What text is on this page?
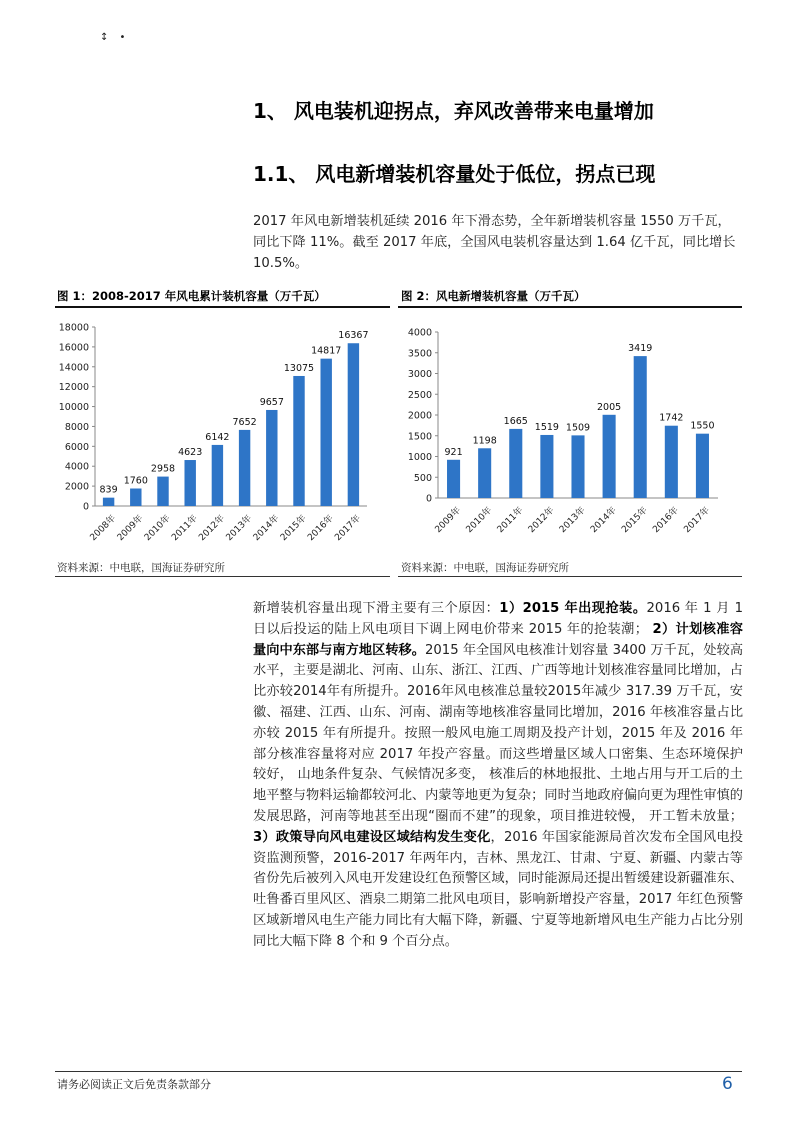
↕ •
1、 风电装机迎拐点，弃风改善带来电量增加
1.1、 风电新增装机容量处于低位，拐点已现
2017 年风电新增装机延续 2016 年下滑态势，全年新增装机容量 1550 万千瓦，同比下降 11%。截至 2017 年底，全国风电装机容量达到 1.64 亿千瓦，同比增长 10.5%。
图 1：2008-2017 年风电累计装机容量（万千瓦）
0
2000
4000
6000
8000
10000
12000
14000
16000
18000
839
2008年
1760
2009年
2958
2010年
4623
2011年
6142
2012年
7652
2013年
9657
2014年
13075
2015年
14817
2016年
16367
2017年
资料来源：中电联，国海证券研究所
图 2：风电新增装机容量（万千瓦）
0
500
1000
1500
2000
2500
3000
3500
4000
921
2009年
1198
2010年
1665
2011年
1519
2012年
1509
2013年
2005
2014年
3419
2015年
1742
2016年
1550
2017年
资料来源：中电联，国海证券研究所
新增装机容量出现下滑主要有三个原因：1）2015 年出现抢装。2016 年 1 月 1 日以后投运的陆上风电项目下调上网电价带来 2015 年的抢装潮； 2）计划核准容量向中东部与南方地区转移。2015 年全国风电核准计划容量 3400 万千瓦，处较高水平，主要是湖北、河南、山东、浙江、江西、广西等地计划核准容量同比增加，占比亦较2014年有所提升。2016年风电核准总量较2015年减少 317.39 万千瓦，安徽、福建、江西、山东、河南、湖南等地核准容量同比增加，2016 年核准容量占比亦较 2015 年有所提升。按照一般风电施工周期及投产计划，2015 年及 2016 年部分核准容量将对应 2017 年投产容量。而这些增量区域人口密集、生态环境保护较好， 山地条件复杂、气候情况多变， 核准后的林地报批、土地占用与开工后的土地平整与物料运输都较河北、内蒙等地更为复杂；同时当地政府偏向更为理性审慎的发展思路，河南等地甚至出现“圈而不建”的现象，项目推进较慢， 开工暂未放量；3）政策导向风电建设区域结构发生变化，2016 年国家能源局首次发布全国风电投资监测预警，2016-2017 年两年内，吉林、黑龙江、甘肃、宁夏、新疆、内蒙古等省份先后被列入风电开发建设红色预警区域，同时能源局还提出暂缓建设新疆准东、吐鲁番百里风区、酒泉二期第二批风电项目，影响新增投产容量，2017 年红色预警区域新增风电生产能力同比有大幅下降，新疆、宁夏等地新增风电生产能力占比分别同比大幅下降 8 个和 9 个百分点。
请务必阅读正文后免责条款部分	6
